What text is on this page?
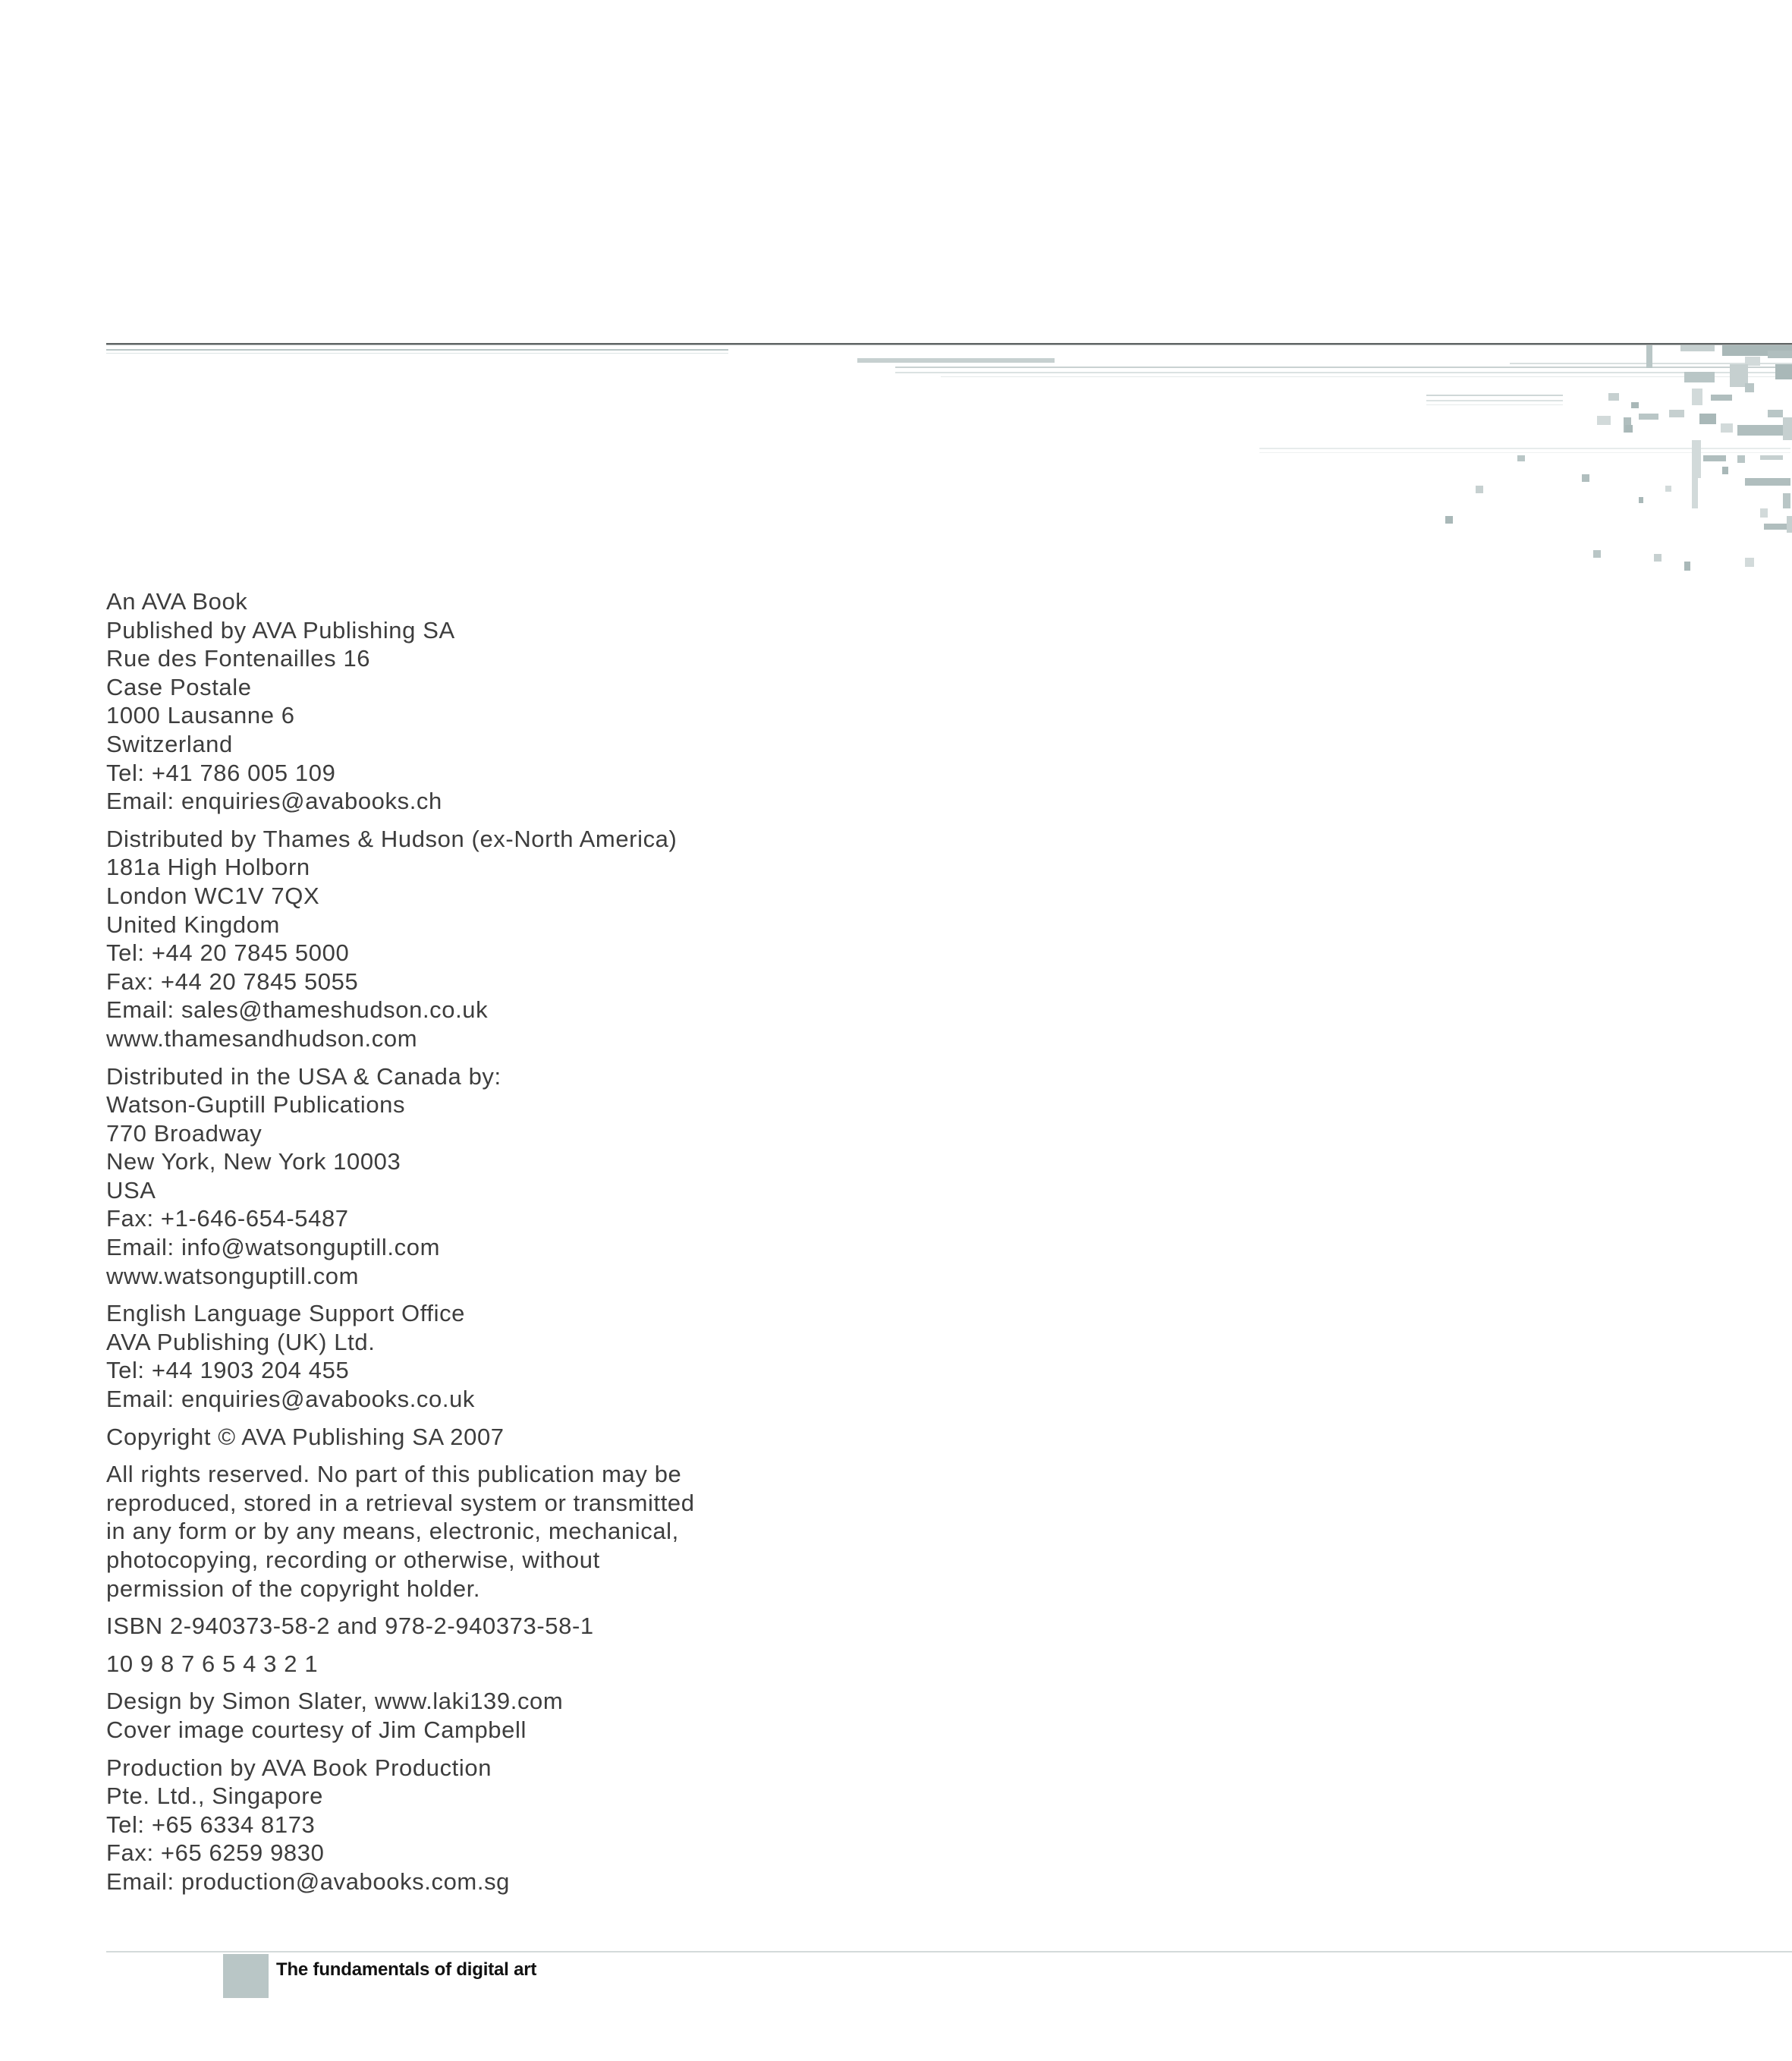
An AVA Book
Published by AVA Publishing SA
Rue des Fontenailles 16
Case Postale
1000 Lausanne 6
Switzerland
Tel: +41 786 005 109
Email: enquiries@avabooks.ch
Distributed by Thames & Hudson (ex-North America)
181a High Holborn
London WC1V 7QX
United Kingdom
Tel: +44 20 7845 5000
Fax: +44 20 7845 5055
Email: sales@thameshudson.co.uk
www.thamesandhudson.com
Distributed in the USA & Canada by:
Watson-Guptill Publications
770 Broadway
New York, New York 10003
USA
Fax: +1-646-654-5487
Email: info@watsonguptill.com
www.watsonguptill.com
English Language Support Office
AVA Publishing (UK) Ltd.
Tel: +44 1903 204 455
Email: enquiries@avabooks.co.uk
Copyright © AVA Publishing SA 2007
All rights reserved. No part of this publication may be
reproduced, stored in a retrieval system or transmitted
in any form or by any means, electronic, mechanical,
photocopying, recording or otherwise, without
permission of the copyright holder.
ISBN 2-940373-58-2 and 978-2-940373-58-1
10 9 8 7 6 5 4 3 2 1
Design by Simon Slater, www.laki139.com
Cover image courtesy of Jim Campbell
Production by AVA Book Production
Pte. Ltd., Singapore
Tel: +65 6334 8173
Fax: +65 6259 9830
Email: production@avabooks.com.sg
The fundamentals of digital art
